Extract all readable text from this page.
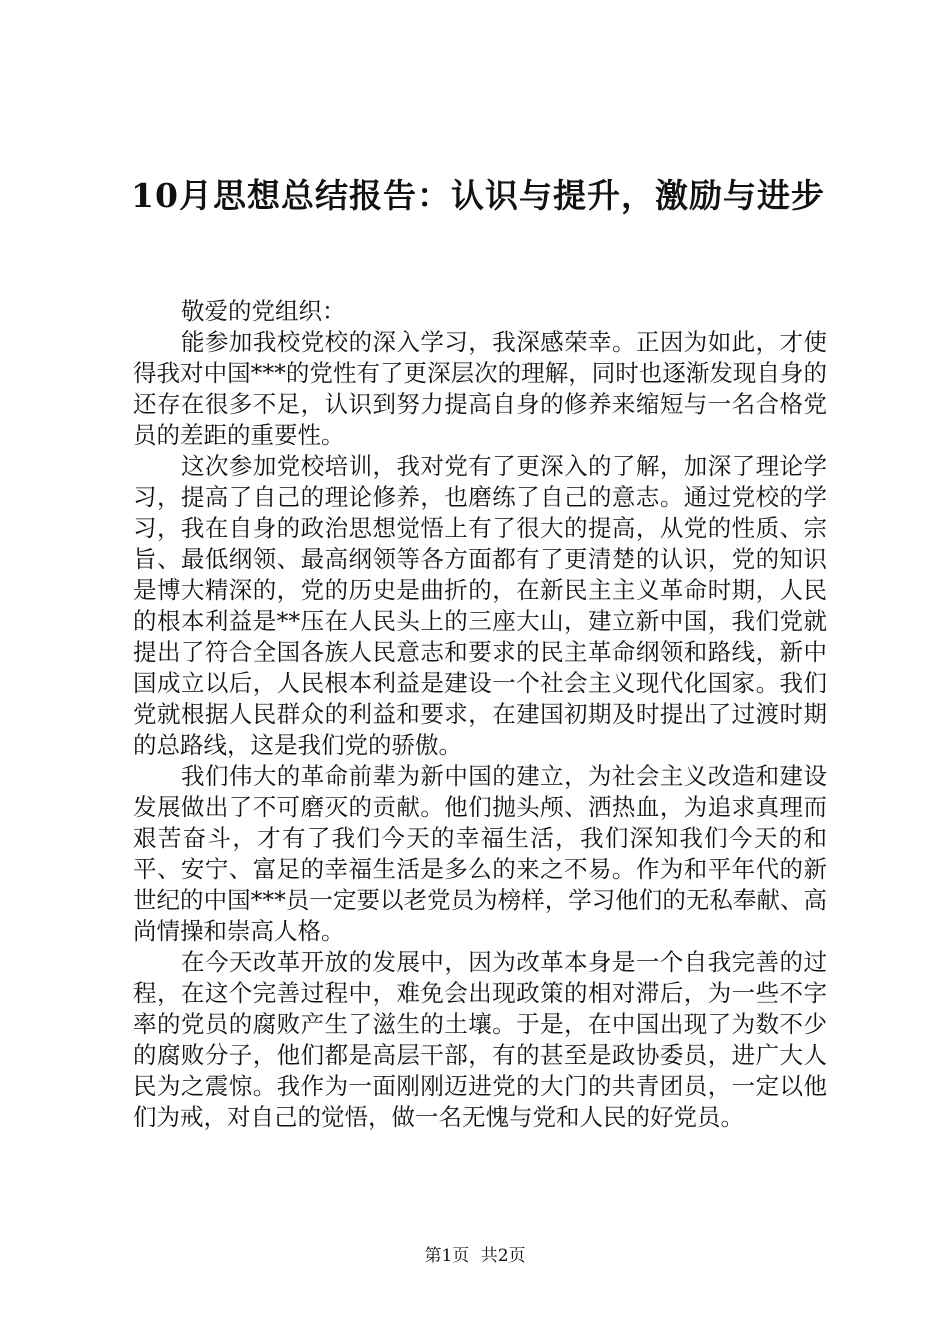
10月思想总结报告：认识与提升，激励与进步

敬爱的党组织：

能参加我校党校的深入学习，我深感荣幸。正因为如此，才使得我对中国***的党性有了更深层次的理解，同时也逐渐发现自身的还存在很多不足，认识到努力提高自身的修养来缩短与一名合格党员的差距的重要性。

这次参加党校培训，我对党有了更深入的了解，加深了理论学习，提高了自己的理论修养，也磨练了自己的意志。通过党校的学习，我在自身的政治思想觉悟上有了很大的提高，从党的性质、宗旨、最低纲领、最高纲领等各方面都有了更清楚的认识，党的知识是博大精深的，党的历史是曲折的，在新民主主义革命时期，人民的根本利益是**压在人民头上的三座大山，建立新中国，我们党就提出了符合全国各族人民意志和要求的民主革命纲领和路线，新中国成立以后，人民根本利益是建设一个社会主义现代化国家。我们党就根据人民群众的利益和要求，在建国初期及时提出了过渡时期的总路线，这是我们党的骄傲。

我们伟大的革命前辈为新中国的建立，为社会主义改造和建设发展做出了不可磨灭的贡献。他们抛头颅、洒热血，为追求真理而艰苦奋斗，才有了我们今天的幸福生活，我们深知我们今天的和平、安宁、富足的幸福生活是多么的来之不易。作为和平年代的新世纪的中国***员一定要以老党员为榜样，学习他们的无私奉献、高尚情操和崇高人格。

在今天改革开放的发展中，因为改革本身是一个自我完善的过程，在这个完善过程中，难免会出现政策的相对滞后，为一些不字率的党员的腐败产生了滋生的土壤。于是，在中国出现了为数不少的腐败分子，他们都是高层干部，有的甚至是政协委员，进广大人民为之震惊。我作为一面刚刚迈进党的大门的共青团员，一定以他们为戒，对自己的觉悟，做一名无愧与党和人民的好党员。

第1页 共2页
